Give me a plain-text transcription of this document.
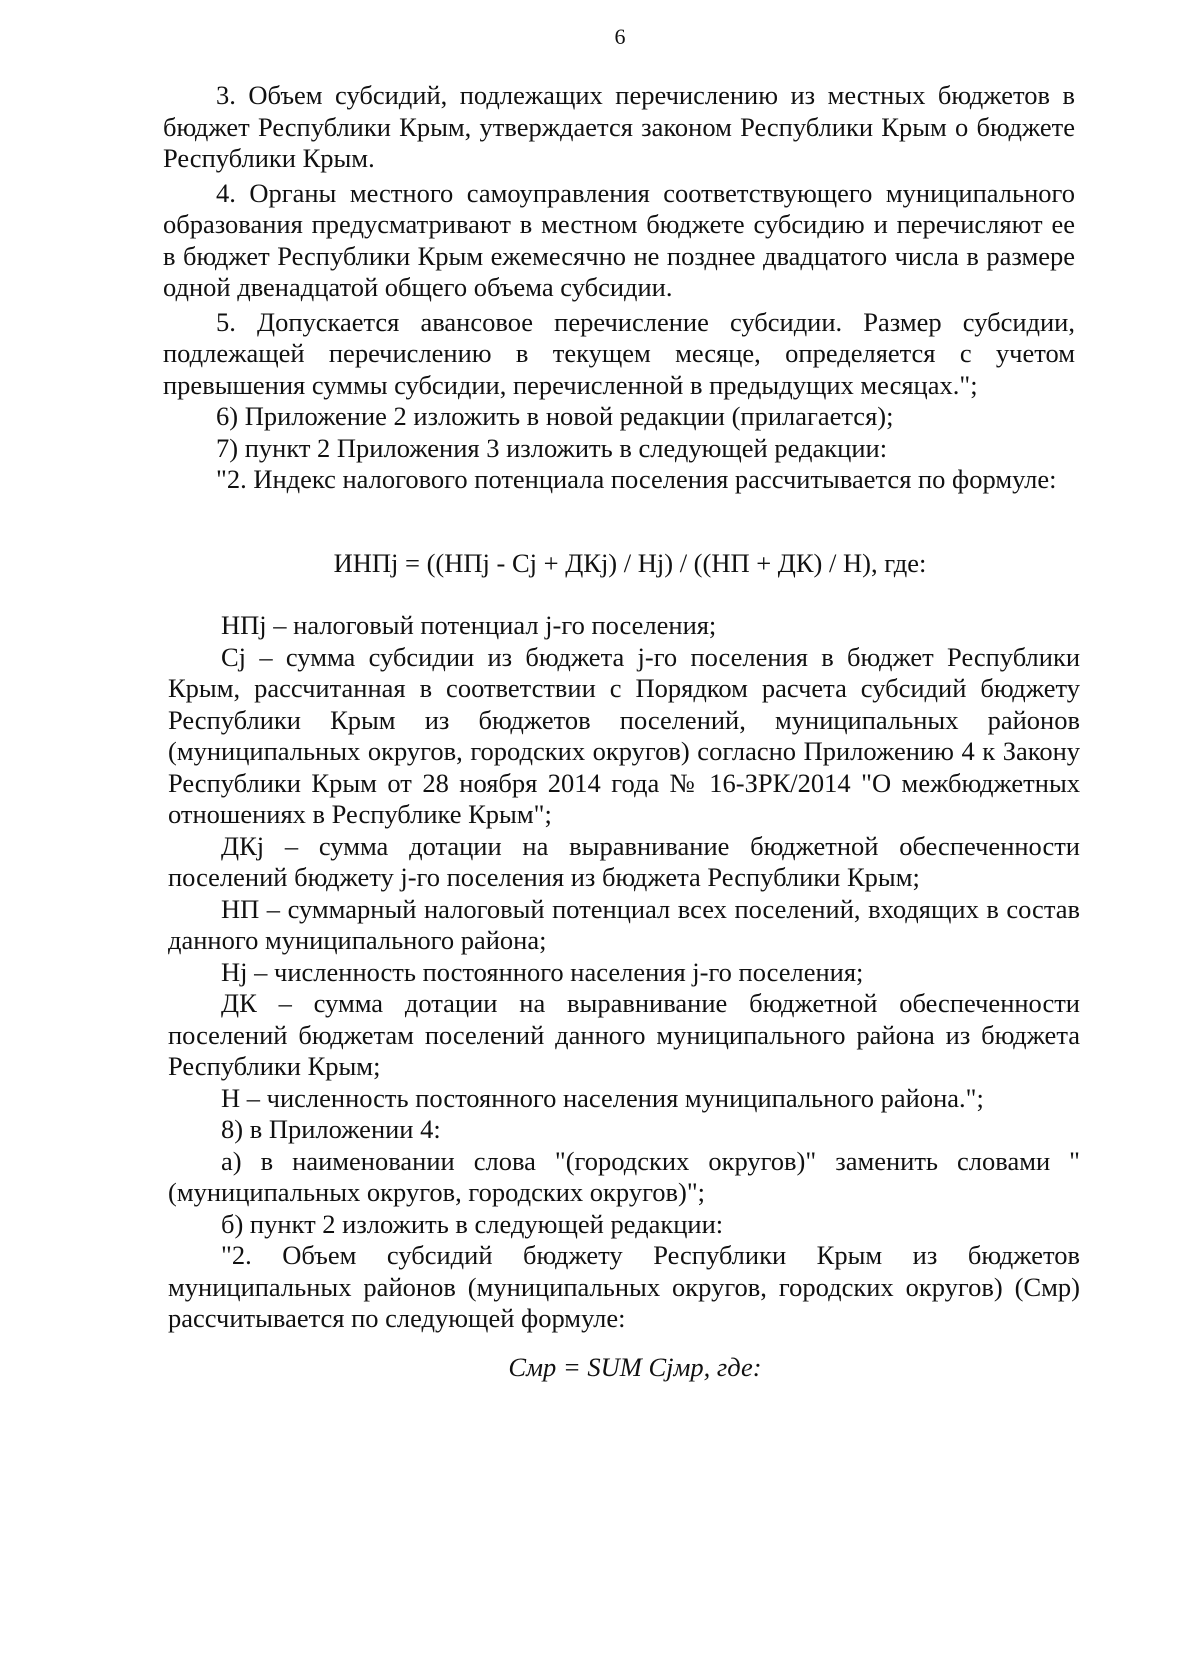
6

3. Объем субсидий, подлежащих перечислению из местных бюджетов в бюджет Республики Крым, утверждается законом Республики Крым о бюджете Республики Крым.

4. Органы местного самоуправления соответствующего муниципального образования предусматривают в местном бюджете субсидию и перечисляют ее в бюджет Республики Крым ежемесячно не позднее двадцатого числа в размере одной двенадцатой общего объема субсидии.

5. Допускается авансовое перечисление субсидии. Размер субсидии, подлежащей перечислению в текущем месяце, определяется с учетом превышения суммы субсидии, перечисленной в предыдущих месяцах.";

6) Приложение 2 изложить в новой редакции (прилагается);

7) пункт 2 Приложения 3 изложить в следующей редакции:

"2. Индекс налогового потенциала поселения рассчитывается по формуле:

ИНПj = ((НПj - Cj + ДКj) / Hj) / ((НП + ДК) / Н), где:

НПj – налоговый потенциал j-го поселения;

Cj – сумма субсидии из бюджета j-го поселения в бюджет Республики Крым, рассчитанная в соответствии с Порядком расчета субсидий бюджету Республики Крым из бюджетов поселений, муниципальных районов (муниципальных округов, городских округов) согласно Приложению 4 к Закону Республики Крым от 28 ноября 2014 года № 16-ЗРК/2014 "О межбюджетных отношениях в Республике Крым";

ДКj – сумма дотации на выравнивание бюджетной обеспеченности поселений бюджету j-го поселения из бюджета Республики Крым;

НП – суммарный налоговый потенциал всех поселений, входящих в состав данного муниципального района;

Нj – численность постоянного населения j-го поселения;

ДК – сумма дотации на выравнивание бюджетной обеспеченности поселений бюджетам поселений данного муниципального района из бюджета Республики Крым;

Н – численность постоянного населения муниципального района.";

8) в Приложении 4:

а) в наименовании слова "(городских округов)" заменить словами "(муниципальных округов, городских округов)";

б) пункт 2 изложить в следующей редакции:

"2. Объем субсидий бюджету Республики Крым из бюджетов муниципальных районов (муниципальных округов, городских округов) (Cмр) рассчитывается по следующей формуле:

Cмр = SUM Cjмр, где:
